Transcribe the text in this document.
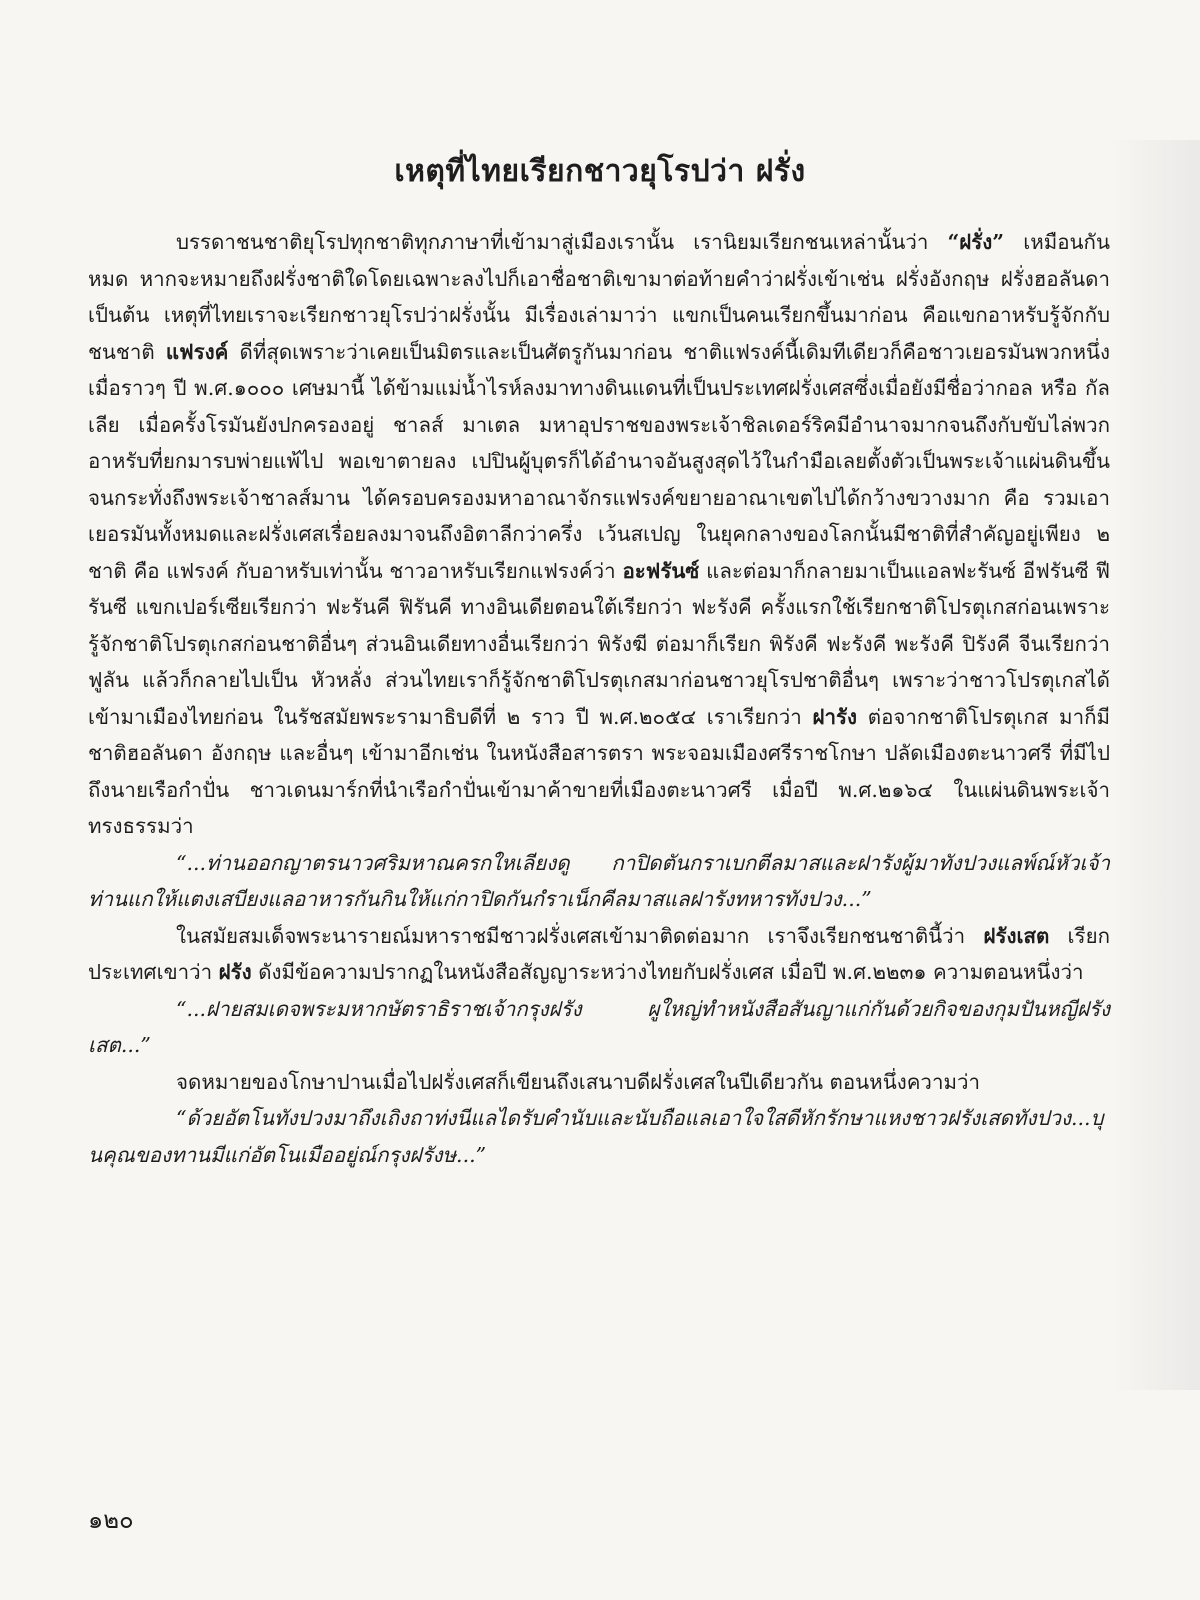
เหตุที่ไทยเรียกชาวยุโรปว่า ฝรั่ง

บรรดาชนชาติยุโรปทุกชาติทุกภาษาที่เข้ามาสู่เมืองเรานั้น เรานิยมเรียกชนเหล่านั้นว่า “ฝรั่ง” เหมือนกันหมด หากจะหมายถึงฝรั่งชาติใดโดยเฉพาะลงไปก็เอาชื่อชาติเขามาต่อท้ายคำว่าฝรั่งเข้าเช่น ฝรั่งอังกฤษ ฝรั่งฮอลันดา เป็นต้น เหตุที่ไทยเราจะเรียกชาวยุโรปว่าฝรั่งนั้น มีเรื่องเล่ามาว่า แขกเป็นคนเรียกขึ้นมาก่อน คือแขกอาหรับรู้จักกับชนชาติ แฟรงค์ ดีที่สุดเพราะว่าเคยเป็นมิตรและเป็นศัตรูกันมาก่อน ชาติแฟรงค์นี้เดิมทีเดียวก็คือชาวเยอรมันพวกหนึ่ง เมื่อราวๆ ปี พ.ศ.๑๐๐๐ เศษมานี้ ได้ข้ามแม่น้ำไรห์ลงมาทางดินแดนที่เป็นประเทศฝรั่งเศสซึ่งเมื่อยังมีชื่อว่ากอล หรือ กัลเลีย เมื่อครั้งโรมันยังปกครองอยู่ ชาลส์ มาเตล มหาอุปราชของพระเจ้าชิลเดอร์ริคมีอำนาจมากจนถึงกับขับไล่พวกอาหรับที่ยกมารบพ่ายแพ้ไป พอเขาตายลง เปปินผู้บุตรก็ได้อำนาจอันสูงสุดไว้ในกำมือเลยตั้งตัวเป็นพระเจ้าแผ่นดินขึ้น จนกระทั่งถึงพระเจ้าชาลส์มาน ได้ครอบครองมหาอาณาจักรแฟรงค์ขยายอาณาเขตไปได้กว้างขวางมาก คือ รวมเอาเยอรมันทั้งหมดและฝรั่งเศสเรื่อยลงมาจนถึงอิตาลีกว่าครึ่ง เว้นสเปญ ในยุคกลางของโลกนั้นมีชาติที่สำคัญอยู่เพียง ๒ ชาติ คือ แฟรงค์ กับอาหรับเท่านั้น ชาวอาหรับเรียกแฟรงค์ว่า อะฟรันซ์ และต่อมาก็กลายมาเป็นแอลฟะรันซ์ อีฟรันซี ฟีรันซี แขกเปอร์เซียเรียกว่า ฟะรันคี ฟิรันคี ทางอินเดียตอนใต้เรียกว่า ฟะรังคี ครั้งแรกใช้เรียกชาติโปรตุเกสก่อนเพราะรู้จักชาติโปรตุเกสก่อนชาติอื่นๆ ส่วนอินเดียทางอื่นเรียกว่า พิรังฆี ต่อมาก็เรียก พิรังคี ฟะรังคี พะรังคี ปิรังคี จีนเรียกว่า ฟูลัน แล้วก็กลายไปเป็น หัวหลั่ง ส่วนไทยเราก็รู้จักชาติโปรตุเกสมาก่อนชาวยุโรปชาติอื่นๆ เพราะว่าชาวโปรตุเกสได้เข้ามาเมืองไทยก่อน ในรัชสมัยพระรามาธิบดีที่ ๒ ราว ปี พ.ศ.๒๐๕๔ เราเรียกว่า ฝารัง ต่อจากชาติโปรตุเกส มาก็มี ชาติฮอลันดา อังกฤษ และอื่นๆ เข้ามาอีกเช่น ในหนังสือสารตรา พระจอมเมืองศรีราชโกษา ปลัดเมืองตะนาวศรี ที่มีไปถึงนายเรือกำปั่น ชาวเดนมาร์กที่นำเรือกำปั่นเข้ามาค้าขายที่เมืองตะนาวศรี เมื่อปี พ.ศ.๒๑๖๔ ในแผ่นดินพระเจ้าทรงธรรมว่า

“...ท่านออกญาตรนาวศริมหาณครกใหเลียงดู กาปิดตันกราเบกตีลมาสและฝารังผู้มาทังปวงแลพ์ณ์หัวเจ้าท่านแกให้แตงเสบียงแลอาหารกันกินให้แก่กาปิดกันกํราเน็กคีลมาสแลฝารังทหารทังปวง...”

ในสมัยสมเด็จพระนารายณ์มหาราชมีชาวฝรั่งเศสเข้ามาติดต่อมาก เราจึงเรียกชนชาตินี้ว่า ฝรังเสต เรียกประเทศเขาว่า ฝรัง ดังมีข้อความปรากฏในหนังสือสัญญาระหว่างไทยกับฝรั่งเศส เมื่อปี พ.ศ.๒๒๓๑ ความตอนหนึ่งว่า

“...ฝายสมเดจพระมหากษัตราธิราชเจ้ากรุงฝรัง ผูใหญ่ทำหนังสือสันญาแก่กันด้วยกิจของกุมปันหญีฝรังเสต...”

จดหมายของโกษาปานเมื่อไปฝรั่งเศสก็เขียนถึงเสนาบดีฝรั่งเศสในปีเดียวกัน ตอนหนึ่งความว่า

“ด้วยอัตโนทังปวงมาถึงเถิงถาท่งนีแลไดรับคำนับและนับถือแลเอาใจใสดีหักรักษาแหงชาวฝรังเสดทังปวง...บุนคุณของทานมีแก่อัตโนเมืออยู่ณ์กรุงฝรังษ...”

๑๒๐
